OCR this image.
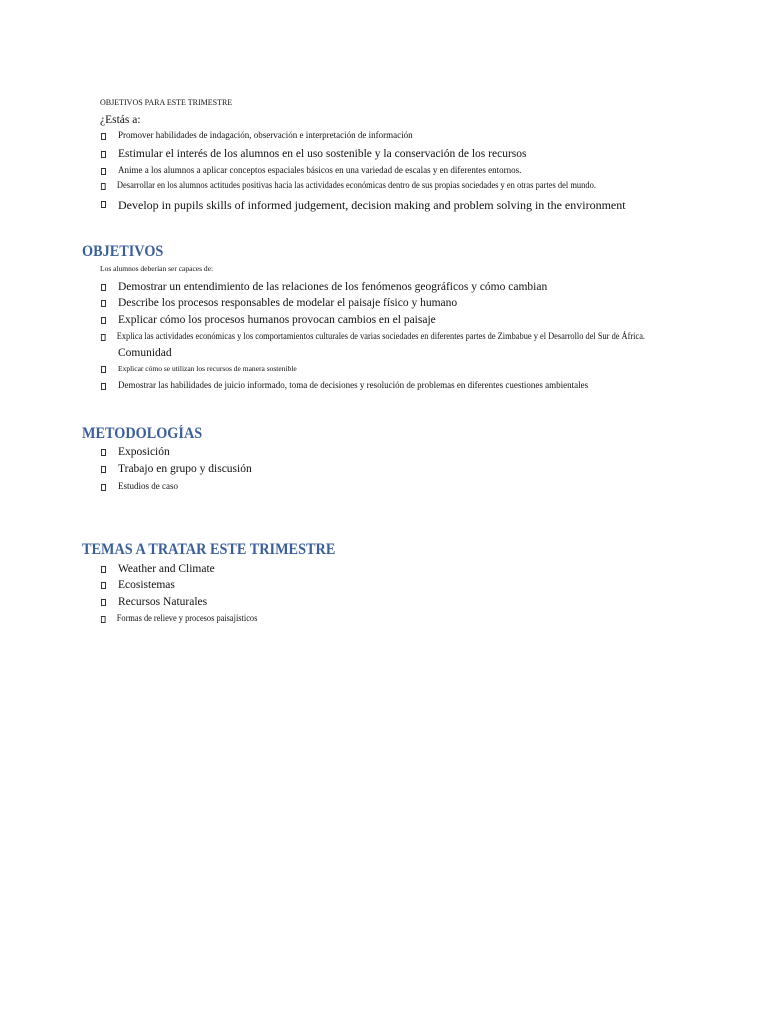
OBJETIVOS PARA ESTE TRIMESTRE
¿Estás a:
Promover habilidades de indagación, observación e interpretación de información
Estimular el interés de los alumnos en el uso sostenible y la conservación de los recursos
Anime a los alumnos a aplicar conceptos espaciales básicos en una variedad de escalas y en diferentes entornos.
Desarrollar en los alumnos actitudes positivas hacia las actividades económicas dentro de sus propias sociedades y en otras partes del mundo.
Develop in pupils skills of informed judgement, decision making and problem solving in the environment
OBJETIVOS
Los alumnos deberían ser capaces de:
Demostrar un entendimiento de las relaciones de los fenómenos geográficos y cómo cambian
Describe los procesos responsables de modelar el paisaje físico y humano
Explicar cómo los procesos humanos provocan cambios en el paisaje
Explica las actividades económicas y los comportamientos culturales de varias sociedades en diferentes partes de Zimbabue y el Desarrollo del Sur de África.
Comunidad
Explicar cómo se utilizan los recursos de manera sostenible
Demostrar las habilidades de juicio informado, toma de decisiones y resolución de problemas en diferentes cuestiones ambientales
METODOLOGÍAS
Exposición
Trabajo en grupo y discusión
Estudios de caso
TEMAS A TRATAR ESTE TRIMESTRE
Weather and Climate
Ecosistemas
Recursos Naturales
Formas de relieve y procesos paisajísticos
